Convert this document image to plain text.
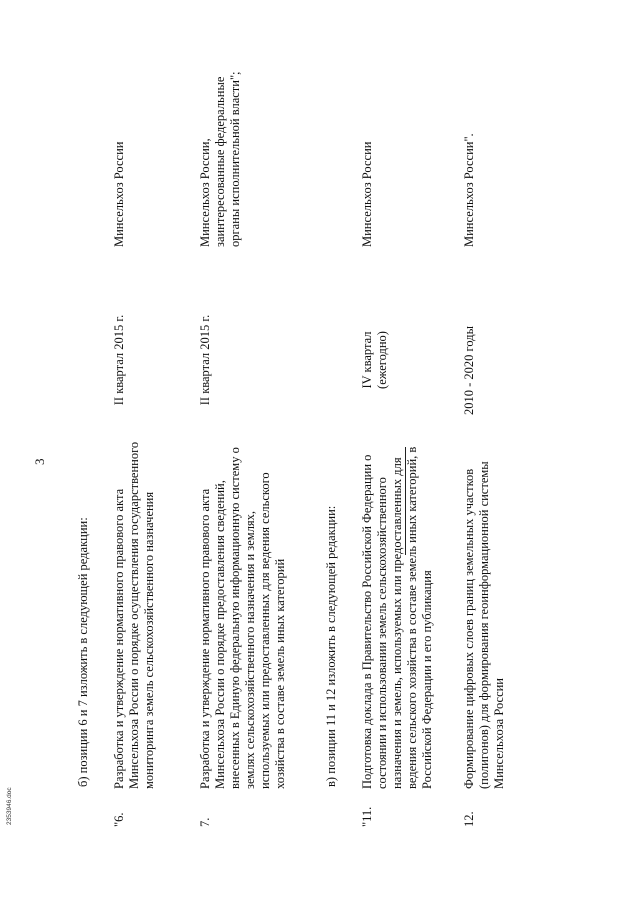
3
б) позиции 6 и 7 изложить в следующей редакции:
"6.
Разработка и утверждение нормативного правового акта Минсельхоза России о порядке осуществления государственного мониторинга земель сельскохозяйственного назначения
II квартал 2015 г.
Минсельхоз России
7.
Разработка и утверждение нормативного правового акта Минсельхоза России о порядке предоставления сведений, внесенных в Единую федеральную информационную систему о землях сельскохозяйственного назначения и землях, используемых или предоставленных для ведения сельского хозяйства в составе земель иных категорий
II квартал 2015 г.
Минсельхоз России, заинтересованные федеральные органы исполнительной власти";
в) позиции 11 и 12 изложить в следующей редакции:
"11.
Подготовка доклада в Правительство Российской Федерации о состоянии и использовании земель сельскохозяйственного назначения и земель, используемых или предоставленных для ведения сельского хозяйства в составе земель иных категорий, в Российской Федерации и его публикация
IV квартал (ежегодно)
Минсельхоз России
12.
Формирование цифровых слоев границ земельных участков (полигонов) для формирования геоинформационной системы Минсельхоза России
2010 - 2020 годы
Минсельхоз России".
2353946.doc
